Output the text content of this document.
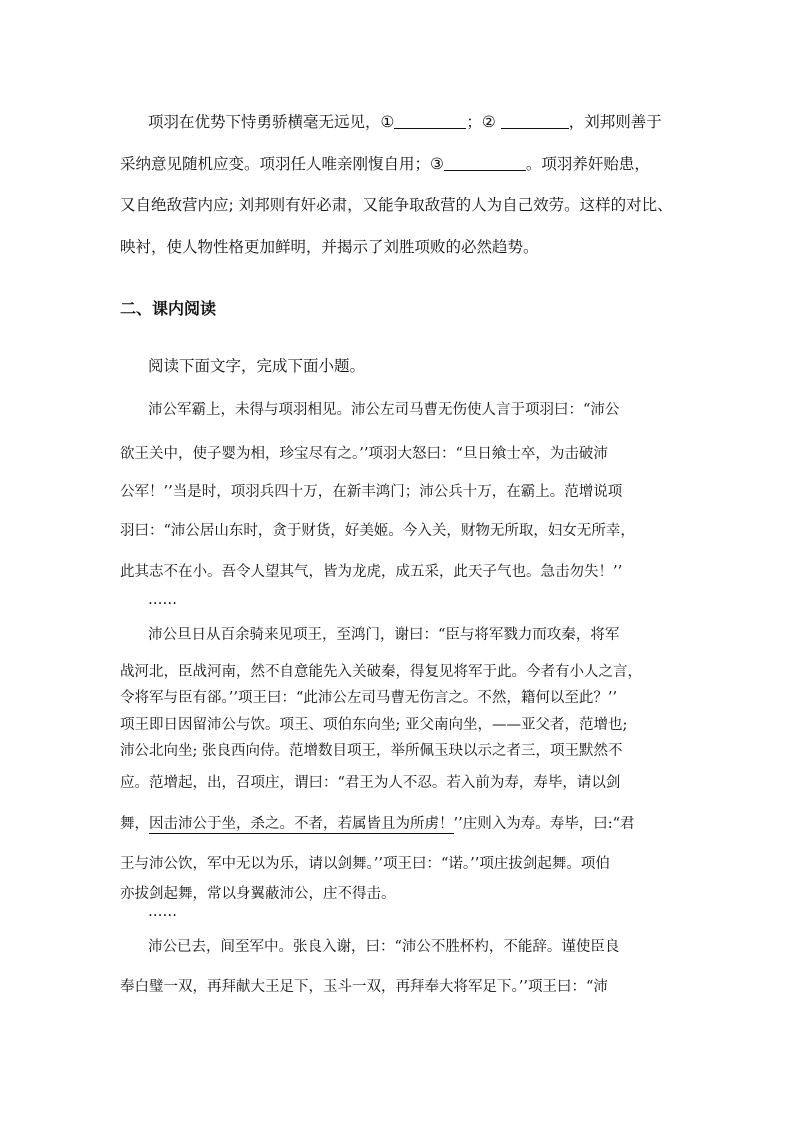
项羽在优势下恃勇骄横毫无远见，①	；②	，刘邦则善于
采纳意见随机应变。项羽任人唯亲刚愎自用；③	。项羽养奸贻患，
又自绝敌营内应; 刘邦则有奸必肃，又能争取敌营的人为自己效劳。这样的对比、
映衬，使人物性格更加鲜明，并揭示了刘胜项败的必然趋势。
二、课内阅读
阅读下面文字，完成下面小题。
沛公军霸上，未得与项羽相见。沛公左司马曹无伤使人言于项羽曰：“沛公
欲王关中，使子婴为相，珍宝尽有之。’’项羽大怒曰：“旦日飨士卒，为击破沛
公军！’’当是时，项羽兵四十万，在新丰鸿门；沛公兵十万，在霸上。范增说项
羽曰：“沛公居山东时，贪于财货，好美姬。今入关，财物无所取，妇女无所幸，
此其志不在小。吾令人望其气，皆为龙虎，成五采，此天子气也。急击勿失！’’
……
沛公旦日从百余骑来见项王，至鸿门，谢曰：“臣与将军戮力而攻秦，将军
战河北，臣战河南，然不自意能先入关破秦，得复见将军于此。今者有小人之言，
令将军与臣有郤。’’项王曰：“此沛公左司马曹无伤言之。不然，籍何以至此？’’
项王即日因留沛公与饮。项王、项伯东向坐; 亚父南向坐，——亚父者，范增也;
沛公北向坐; 张良西向侍。范增数目项王，举所佩玉玦以示之者三，项王默然不
应。范增起，出，召项庄，谓曰：“君王为人不忍。若入前为寿，寿毕，请以剑
舞，因击沛公于坐，杀之。不者，若属皆且为所虏！’’庄则入为寿。寿毕，曰:“君
王与沛公饮，军中无以为乐，请以剑舞。’’项王曰：“诺。’’项庄拔剑起舞。项伯
亦拔剑起舞，常以身翼蔽沛公，庄不得击。
……
沛公已去，间至军中。张良入谢，曰：“沛公不胜杯杓，不能辞。谨使臣良
奉白璧一双，再拜献大王足下，玉斗一双，再拜奉大将军足下。’’项王曰：“沛
